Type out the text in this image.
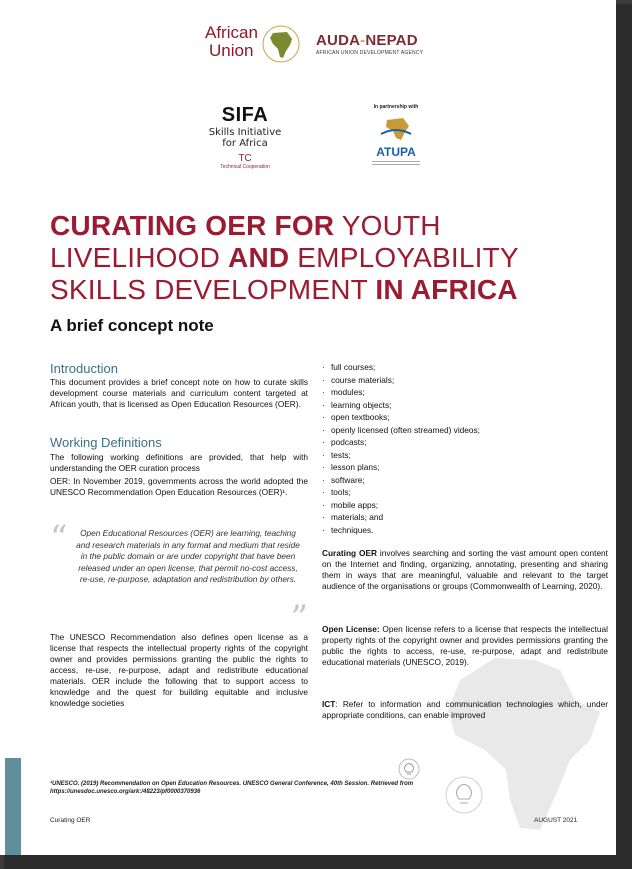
African
Union
AUDA-NEPAD
AFRICAN UNION DEVELOPMENT AGENCY
SIFA
Skills Initiative
for Africa
TC
Technical Cooperation
In partnership with
ATUPA
CURATING OER FOR YOUTH
LIVELIHOOD AND EMPLOYABILITY
SKILLS DEVELOPMENT IN AFRICA
A brief concept note
Introduction
This document provides a brief concept note on how to curate skills development course materials and curriculum content targeted at African youth, that is licensed as Open Education Resources (OER).
Working Definitions
The following working definitions are provided, that help with understanding the OER curation process
OER: In November 2019, governments across the world adopted the UNESCO Recommendation Open Education Resources (OER)¹.
“	Open Educational Resources (OER) are learning, teaching and research materials in any format and medium that reside in the public domain or are under copyright that have been released under an open license, that permit no-cost access, re-use, re-purpose, adaptation and redistribution by others.
”
The UNESCO Recommendation also defines open license as a license that respects the intellectual property rights of the copyright owner and provides permissions granting the public the rights to access, re-use, re-purpose, adapt and redistribute educational materials. OER include the following that to support access to knowledge and the quest for building equitable and inclusive knowledge societies
· full courses;
· course materials;
· modules;
· learning objects;
· open textbooks;
· openly licensed (often streamed) videos;
· podcasts;
· tests;
· lesson plans;
· software;
· tools;
· mobile apps;
· materials; and
· techniques.
Curating OER involves searching and sorting the vast amount open content on the Internet and finding, organizing, annotating, presenting and sharing them in ways that are meaningful, valuable and relevant to the target audience of the organisations or groups (Commonwealth of Learning, 2020).
Open License: Open license refers to a license that respects the intellectual property rights of the copyright owner and provides permissions granting the public the rights to access, re-use, re-purpose, adapt and redistribute educational materials (UNESCO, 2019).
ICT: Refer to information and communication technologies which, under appropriate conditions, can enable improved
¹UNESCO. (2019) Recommendation on Open Education Resources. UNESCO General Conference, 40th Session. Retrieved from https://unesdoc.unesco.org/ark:/48223/pf0000370936
Curating OER	AUGUST 2021
